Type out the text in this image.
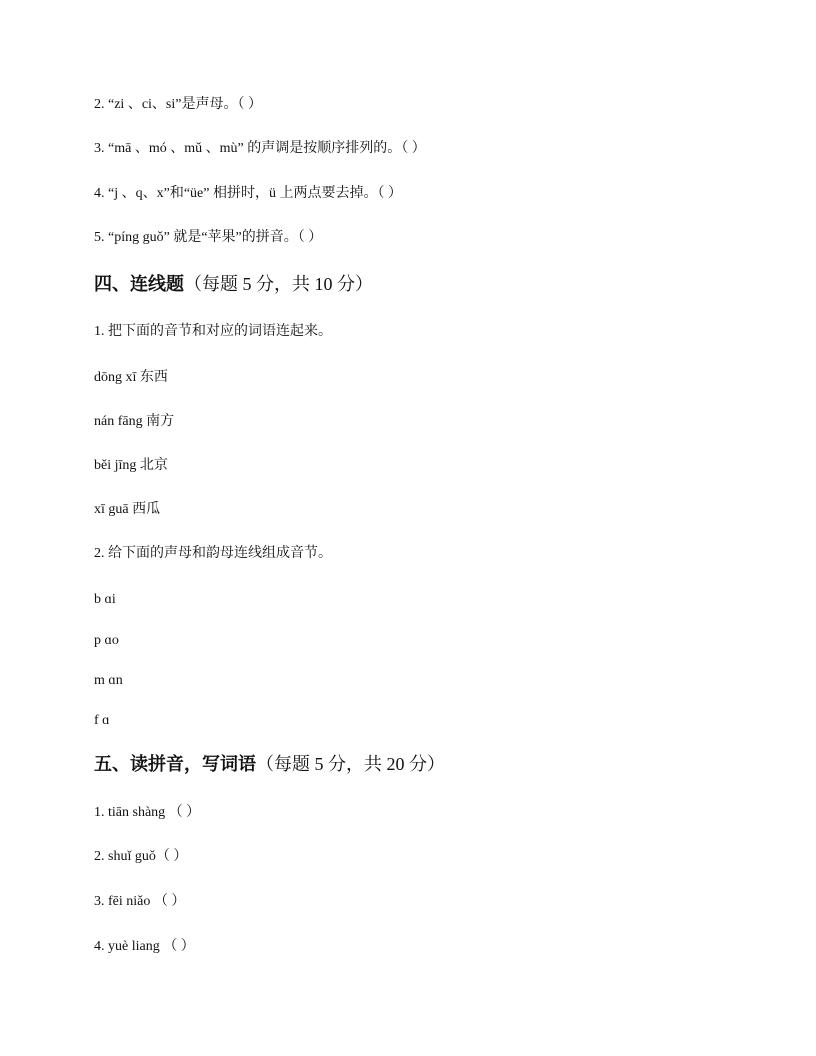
2. “zi 、ci、si”是声母。（ ）
3. “mā 、mó 、mǔ 、mù” 的声调是按顺序排列的。（ ）
4. “j 、q、x”和“üe” 相拼时，ü 上两点要去掉。（ ）
5. “píng guǒ” 就是“苹果”的拼音。（ ）
四、连线题（每题 5 分，共 10 分）
1. 把下面的音节和对应的词语连起来。
dōng xī 东西
nán fāng 南方
běi jīng 北京
xī guā 西瓜
2. 给下面的声母和韵母连线组成音节。
b ɑi
p ɑo
m ɑn
f ɑ
五、读拼音，写词语（每题 5 分，共 20 分）
1. tiān shàng （ ）
2. shuǐ guǒ（ ）
3. fēi niǎo （ ）
4. yuè liang （ ）
